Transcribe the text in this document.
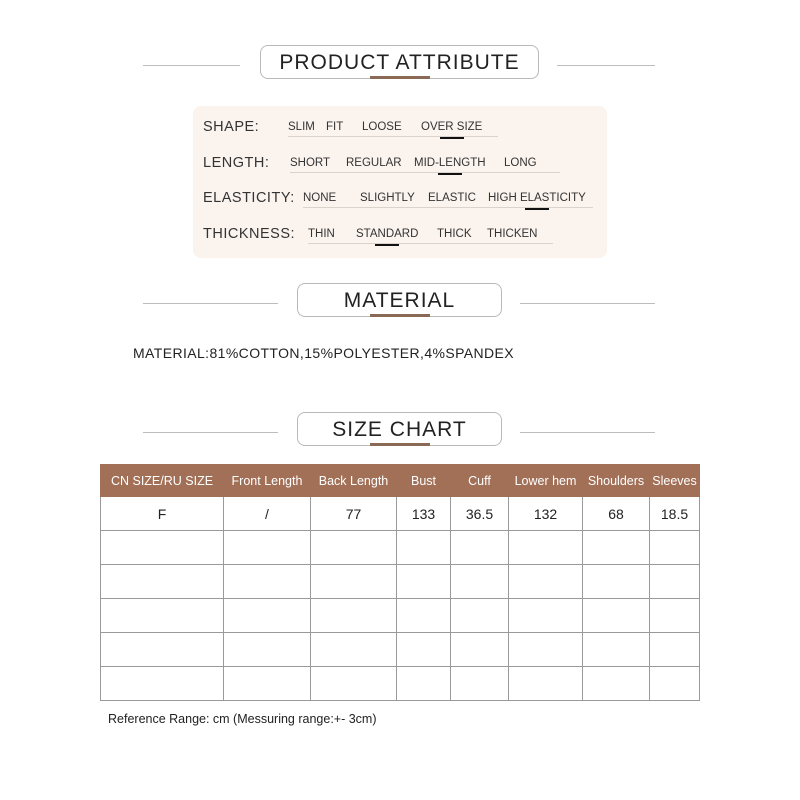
PRODUCT ATTRIBUTE
SHAPE:	SLIM FIT LOOSE OVER SIZE
LENGTH: SHORT REGULAR MID-LENGTH LONG
ELASTICITY: NONE SLIGHTLY ELASTIC HIGH ELASTICITY
THICKNESS: THIN STANDARD THICK THICKEN
MATERIAL
MATERIAL:81%COTTON,15%POLYESTER,4%SPANDEX
SIZE CHART
CN SIZE/RU SIZE	Front Length	Back Length	Bust	Cuff	Lower hem	Shoulders	Sleeves
F	/	77	133	36.5	132	68	18.5

Reference Range: cm (Messuring range:+- 3cm)
